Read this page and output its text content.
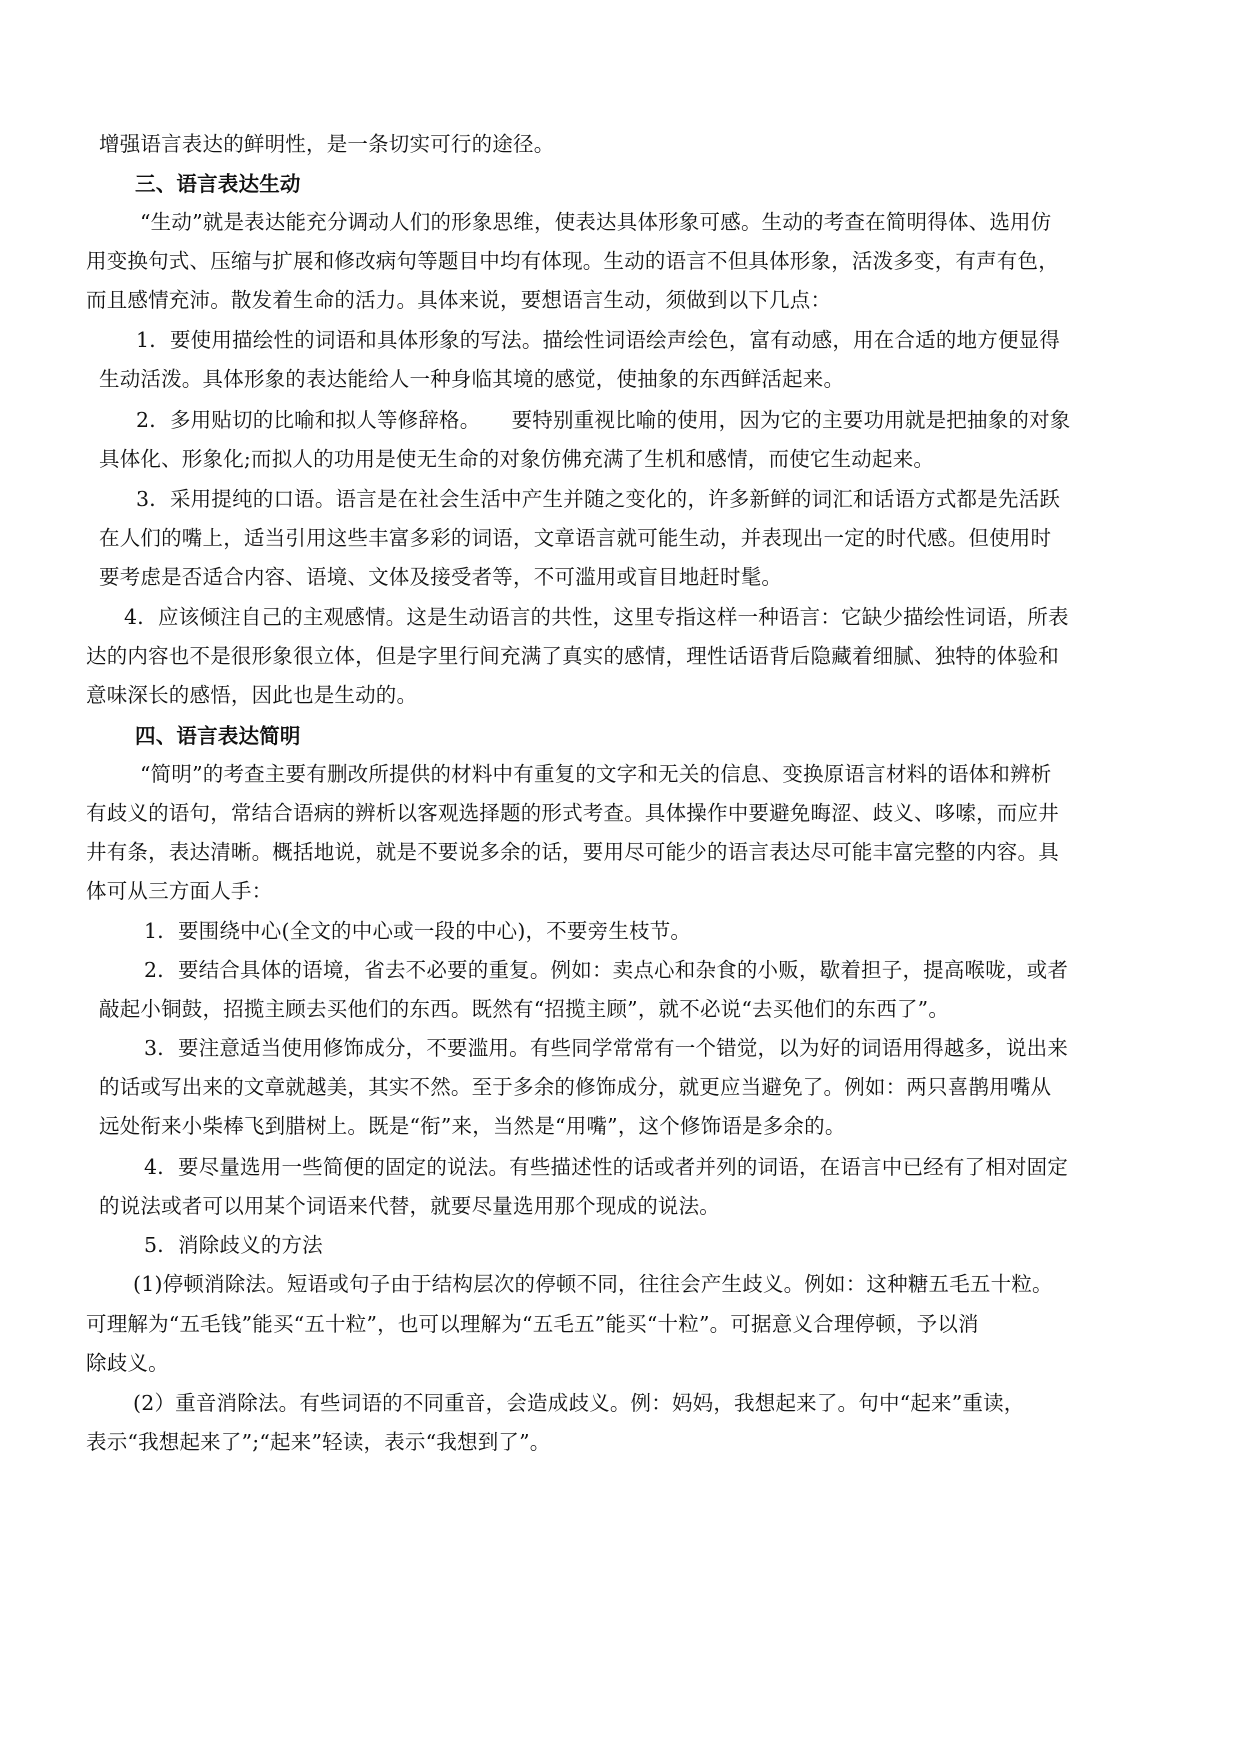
增强语言表达的鲜明性，是一条切实可行的途径。
三、语言表达生动
“生动”就是表达能充分调动人们的形象思维，使表达具体形象可感。生动的考查在简明得体、选用仿
用变换句式、压缩与扩展和修改病句等题目中均有体现。生动的语言不但具体形象，活泼多变，有声有色，
而且感情充沛。散发着生命的活力。具体来说，要想语言生动，须做到以下几点：
1．要使用描绘性的词语和具体形象的写法。描绘性词语绘声绘色，富有动感，用在合适的地方便显得
生动活泼。具体形象的表达能给人一种身临其境的感觉，使抽象的东西鲜活起来。
2．多用贴切的比喻和拟人等修辞格。　　要特别重视比喻的使用，因为它的主要功用就是把抽象的对象
具体化、形象化;而拟人的功用是使无生命的对象仿佛充满了生机和感情，而使它生动起来。
3．采用提纯的口语。语言是在社会生活中产生并随之变化的，许多新鲜的词汇和话语方式都是先活跃
在人们的嘴上，适当引用这些丰富多彩的词语，文章语言就可能生动，并表现出一定的时代感。但使用时
要考虑是否适合内容、语境、文体及接受者等，不可滥用或盲目地赶时髦。
4．应该倾注自己的主观感情。这是生动语言的共性，这里专指这样一种语言：它缺少描绘性词语，所表
达的内容也不是很形象很立体，但是字里行间充满了真实的感情，理性话语背后隐藏着细腻、独特的体验和
意味深长的感悟，因此也是生动的。
四、语言表达简明
“简明”的考查主要有删改所提供的材料中有重复的文字和无关的信息、变换原语言材料的语体和辨析
有歧义的语句，常结合语病的辨析以客观选择题的形式考查。具体操作中要避免晦涩、歧义、哆嗦，而应井
井有条，表达清晰。概括地说，就是不要说多余的话，要用尽可能少的语言表达尽可能丰富完整的内容。具
体可从三方面人手：
1．要围绕中心(全文的中心或一段的中心)，不要旁生枝节。
2．要结合具体的语境，省去不必要的重复。例如：卖点心和杂食的小贩，歇着担子，提高喉咙，或者
敲起小铜鼓，招揽主顾去买他们的东西。既然有“招揽主顾”，就不必说“去买他们的东西了”。
3．要注意适当使用修饰成分，不要滥用。有些同学常常有一个错觉，以为好的词语用得越多，说出来
的话或写出来的文章就越美，其实不然。至于多余的修饰成分，就更应当避免了。例如：两只喜鹊用嘴从
远处衔来小柴棒飞到腊树上。既是“衔”来，当然是“用嘴”，这个修饰语是多余的。
4．要尽量选用一些简便的固定的说法。有些描述性的话或者并列的词语，在语言中已经有了相对固定
的说法或者可以用某个词语来代替，就要尽量选用那个现成的说法。
5．消除歧义的方法
(1)停顿消除法。短语或句子由于结构层次的停顿不同，往往会产生歧义。例如：这种糖五毛五十粒。
可理解为“五毛钱”能买“五十粒”，也可以理解为“五毛五”能买“十粒”。可据意义合理停顿，予以消
除歧义。
(2）重音消除法。有些词语的不同重音，会造成歧义。例：妈妈，我想起来了。句中“起来”重读，
表示“我想起来了”;“起来”轻读，表示“我想到了”。
